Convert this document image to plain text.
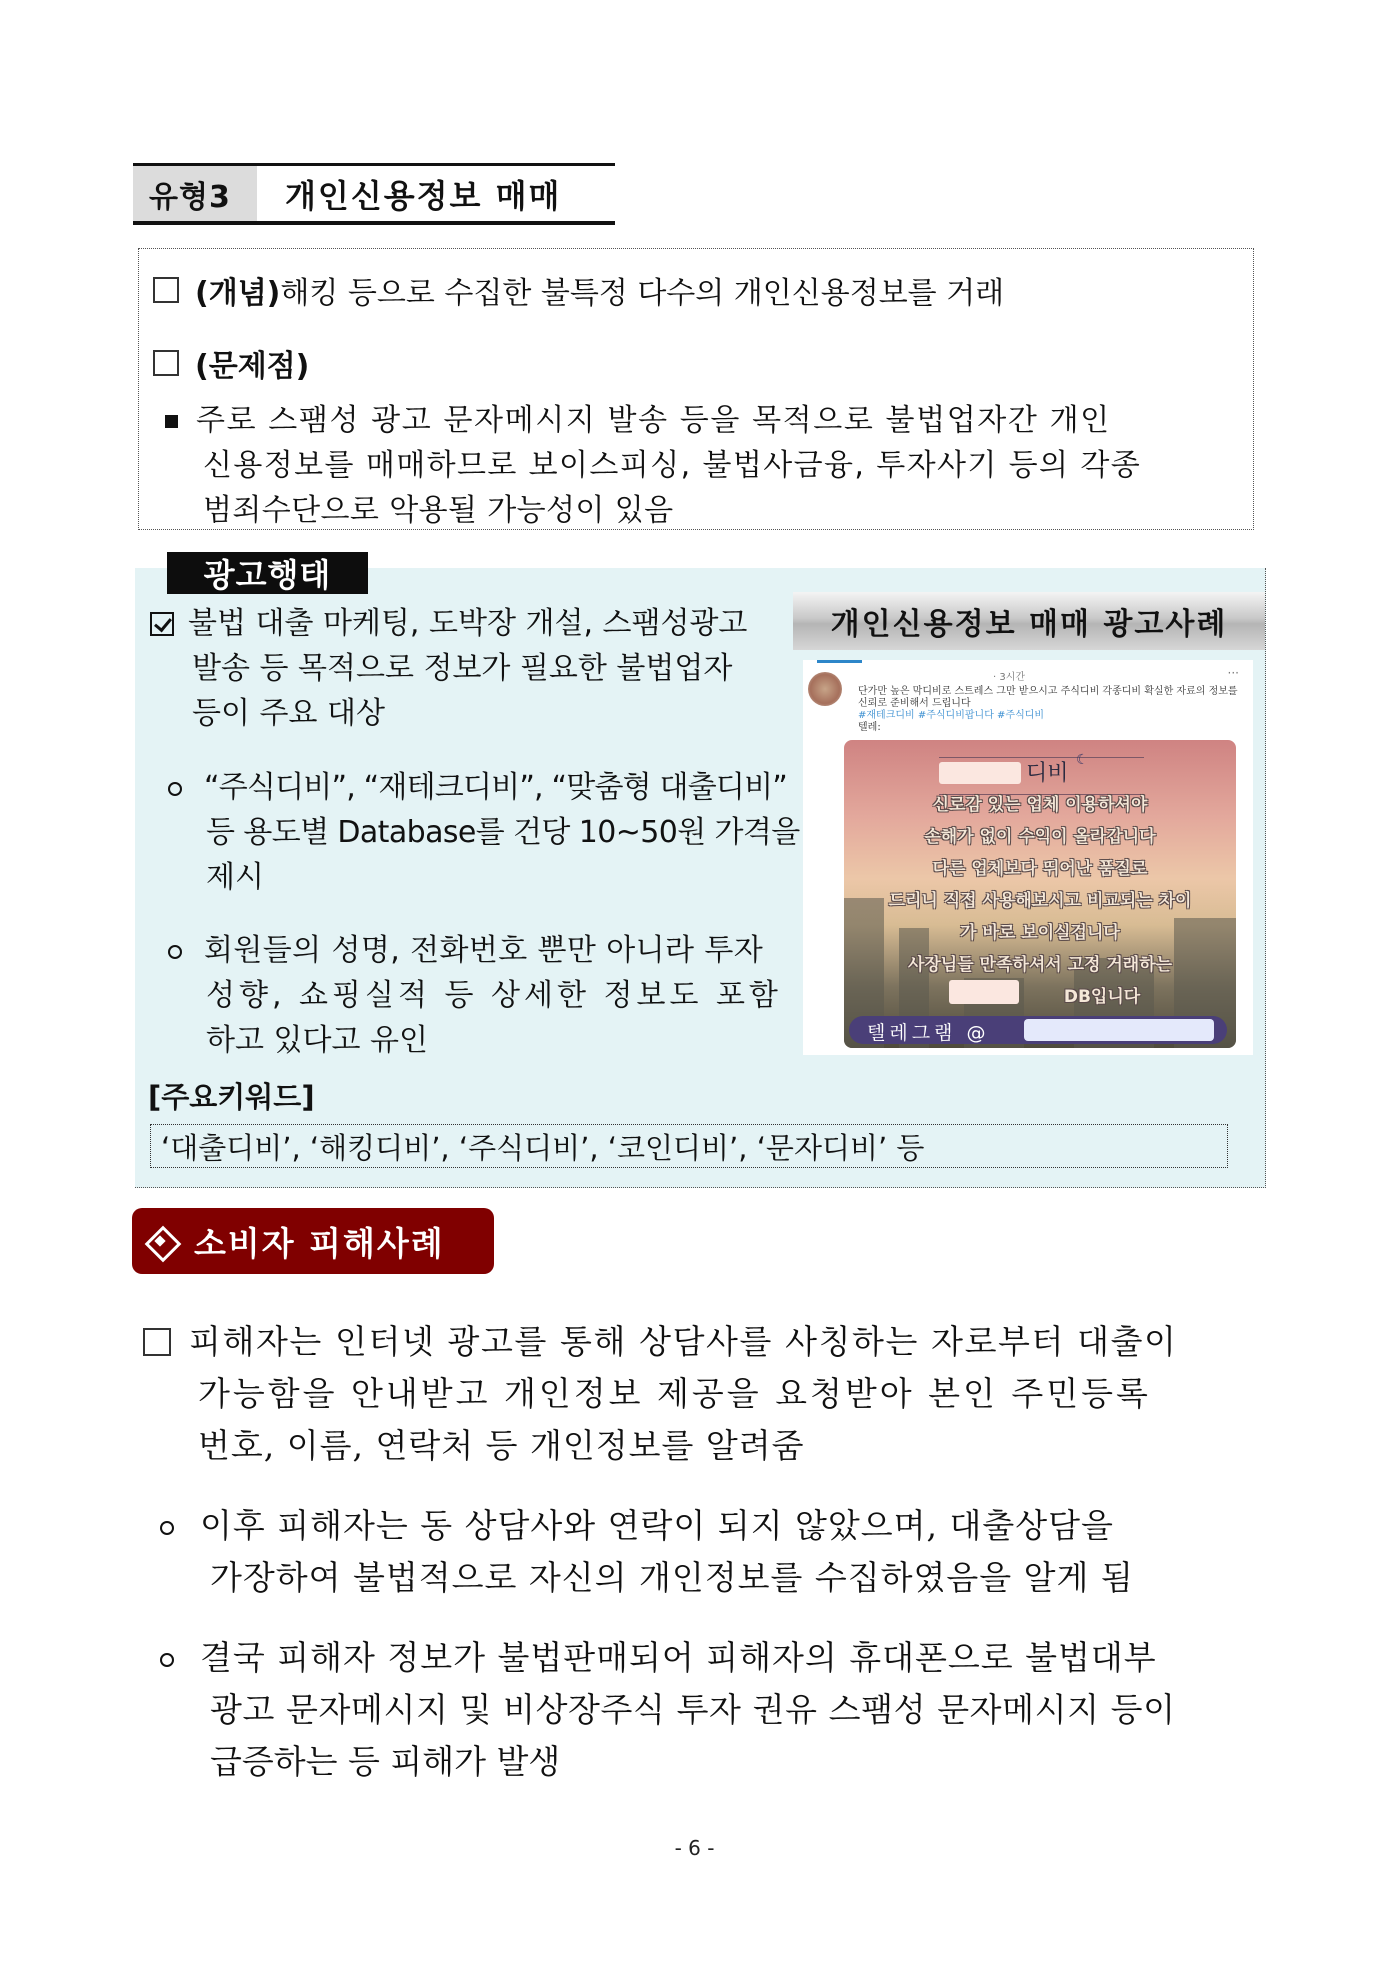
유형3	개인신용정보 매매
(개념) 해킹 등으로 수집한 불특정 다수의 개인신용정보를 거래
(문제점)
주로 스팸성 광고 문자메시지 발송 등을 목적으로 불법업자간 개인
신용정보를 매매하므로 보이스피싱, 불법사금융, 투자사기 등의 각종
범죄수단으로 악용될 가능성이 있음
광고행태
불법 대출 마케팅, 도박장 개설, 스팸성광고
발송 등 목적으로 정보가 필요한 불법업자
등이 주요 대상
“주식디비”, “재테크디비”, “맞춤형 대출디비”
등 용도별 Database를 건당 10~50원 가격을
제시
회원들의 성명, 전화번호 뿐만 아니라 투자
성향, 쇼핑실적 등 상세한 정보도 포함
하고 있다고 유인
개인신용정보 매매 광고사례
· 3시간	···
단가만 높은 막디비로 스트레스 그만 받으시고 주식디비 각종디비 확실한 자료의 정보를 신뢰로 준비해서 드립니다
#재테크디비 #주식디비팝니다 #주식디비
텔레:
디비
☾
신로감 있는 업체 이용하셔야
손해가 없이 수익이 올라갑니다
다른 업체보다 뛰어난 품질로
드리니 직접 사용해보시고 비교되는 차이
가 바로 보이실겁니다
사장님들 만족하셔서 고정 거래하는
DB입니다
텔레그램 @
[주요키워드]
‘대출디비’, ‘해킹디비’, ‘주식디비’, ‘코인디비’, ‘문자디비’ 등
소비자 피해사례
피해자는 인터넷 광고를 통해 상담사를 사칭하는 자로부터 대출이
가능함을 안내받고 개인정보 제공을 요청받아 본인 주민등록
번호, 이름, 연락처 등 개인정보를 알려줌
이후 피해자는 동 상담사와 연락이 되지 않았으며, 대출상담을
가장하여 불법적으로 자신의 개인정보를 수집하였음을 알게 됨
결국 피해자 정보가 불법판매되어 피해자의 휴대폰으로 불법대부
광고 문자메시지 및 비상장주식 투자 권유 스팸성 문자메시지 등이
급증하는 등 피해가 발생
- 6 -
